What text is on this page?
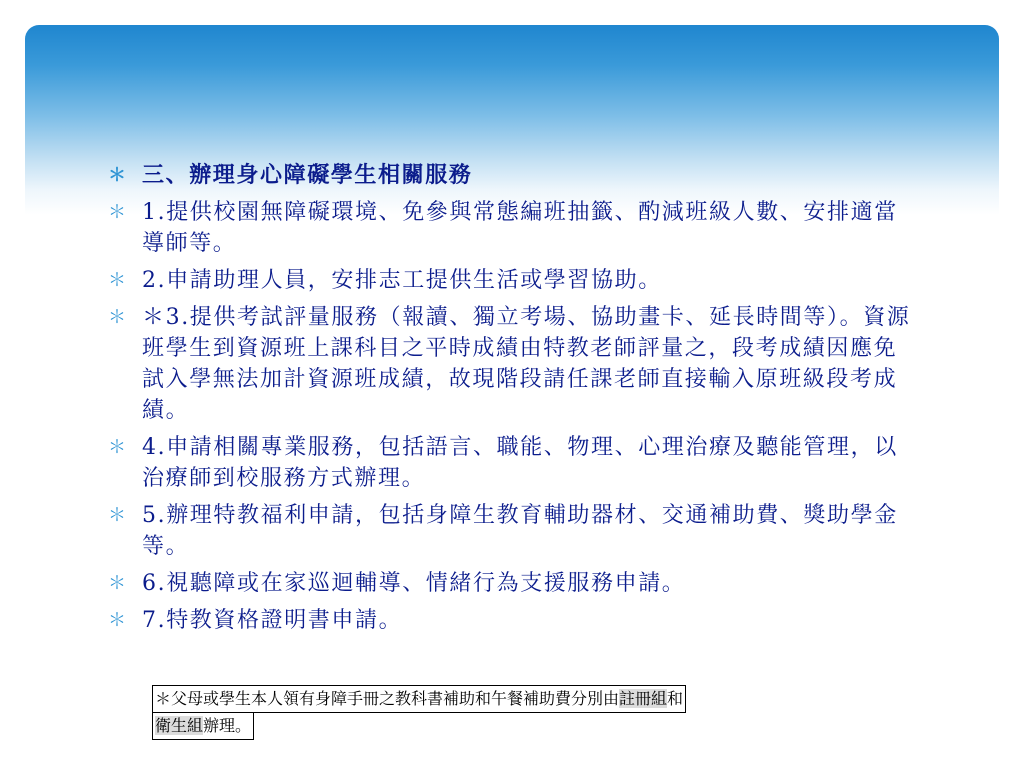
＊ 三、辦理身心障礙學生相關服務
＊ 1.提供校園無障礙環境、免參與常態編班抽籤、酌減班級人數、安排適當導師等。
＊ 2.申請助理人員，安排志工提供生活或學習協助。
＊ ＊3.提供考試評量服務（報讀、獨立考場、協助畫卡、延長時間等）。資源班學生到資源班上課科目之平時成績由特教老師評量之，段考成績因應免試入學無法加計資源班成績，故現階段請任課老師直接輸入原班級段考成績。
＊ 4.申請相關專業服務，包括語言、職能、物理、心理治療及聽能管理，以治療師到校服務方式辦理。
＊ 5.辦理特教福利申請，包括身障生教育輔助器材、交通補助費、獎助學金等。
＊ 6.視聽障或在家巡迴輔導、情緒行為支援服務申請。
＊ 7.特教資格證明書申請。
＊父母或學生本人領有身障手冊之教科書補助和午餐補助費分別由註冊組和
衛生組辦理。
